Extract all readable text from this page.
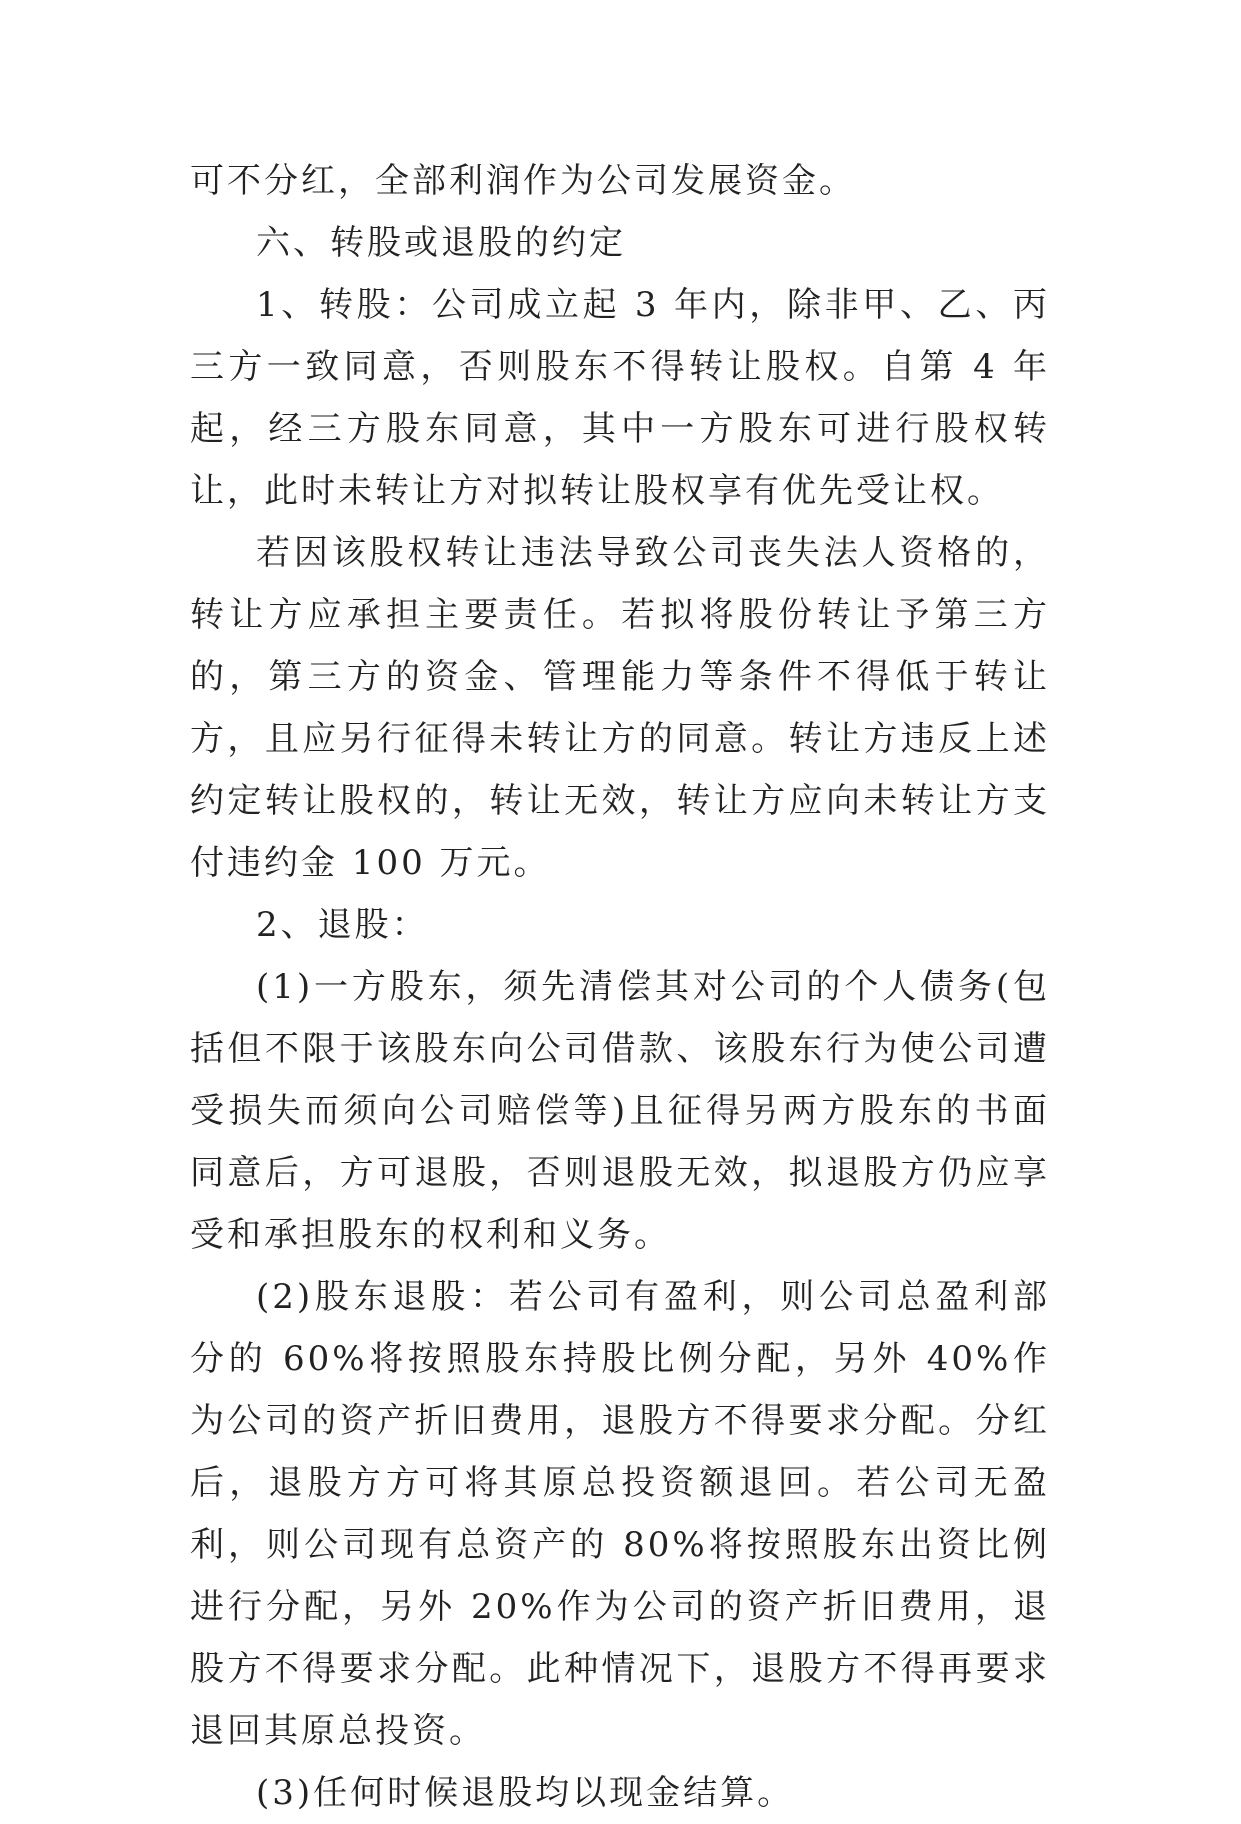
可不分红，全部利润作为公司发展资金。

六、转股或退股的约定

1、转股：公司成立起 3 年内，除非甲、乙、丙三方一致同意，否则股东不得转让股权。自第 4 年起，经三方股东同意，其中一方股东可进行股权转让，此时未转让方对拟转让股权享有优先受让权。

若因该股权转让违法导致公司丧失法人资格的，转让方应承担主要责任。若拟将股份转让予第三方的，第三方的资金、管理能力等条件不得低于转让方，且应另行征得未转让方的同意。转让方违反上述约定转让股权的，转让无效，转让方应向未转让方支付违约金 100 万元。

2、退股：

(1)一方股东，须先清偿其对公司的个人债务(包括但不限于该股东向公司借款、该股东行为使公司遭受损失而须向公司赔偿等)且征得另两方股东的书面同意后，方可退股，否则退股无效，拟退股方仍应享受和承担股东的权利和义务。

(2)股东退股：若公司有盈利，则公司总盈利部分的 60%将按照股东持股比例分配，另外 40%作为公司的资产折旧费用，退股方不得要求分配。分红后，退股方方可将其原总投资额退回。若公司无盈利，则公司现有总资产的 80%将按照股东出资比例进行分配，另外 20%作为公司的资产折旧费用，退股方不得要求分配。此种情况下，退股方不得再要求退回其原总投资。

(3)任何时候退股均以现金结算。
